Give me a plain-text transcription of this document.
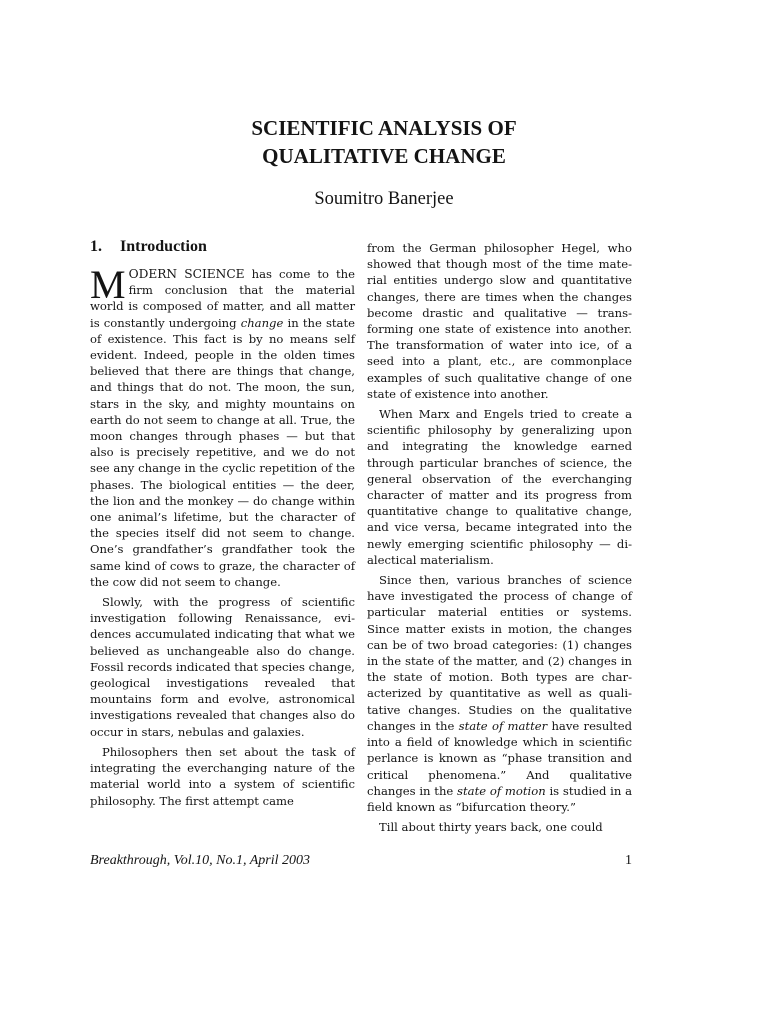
SCIENTIFIC ANALYSIS OF
QUALITATIVE CHANGE
Soumitro Banerjee
1. Introduction

MODERN SCIENCE has come to the firm conclusion that the material world is composed of matter, and all matter is constantly undergoing change in the state of existence. This fact is by no means self evident. Indeed, people in the olden times believed that there are things that change, and things that do not. The moon, the sun, stars in the sky, and mighty mountains on earth do not seem to change at all. True, the moon changes through phases — but that also is precisely repetitive, and we do not see any change in the cyclic repetition of the phases. The biological entities — the deer, the lion and the monkey — do change within one animal’s lifetime, but the character of the species itself did not seem to change. One’s grandfather’s grandfather took the same kind of cows to graze, the character of the cow did not seem to change.

Slowly, with the progress of scientific investigation following Renaissance, evidences accumulated indicating that what we believed as unchangeable also do change. Fossil records indicated that species change, geological investigations revealed that mountains form and evolve, astronomical investigations revealed that changes also do occur in stars, nebulas and galaxies.

Philosophers then set about the task of integrating the everchanging nature of the material world into a system of scientific philosophy. The first attempt came

from the German philosopher Hegel, who showed that though most of the time material entities undergo slow and quantitative changes, there are times when the changes become drastic and qualitative — transforming one state of existence into another. The transformation of water into ice, of a seed into a plant, etc., are commonplace examples of such qualitative change of one state of existence into another.

When Marx and Engels tried to create a scientific philosophy by generalizing upon and integrating the knowledge earned through particular branches of science, the general observation of the everchanging character of matter and its progress from quantitative change to qualitative change, and vice versa, became integrated into the newly emerging scientific philosophy — dialectical materialism.

Since then, various branches of science have investigated the process of change of particular material entities or systems. Since matter exists in motion, the changes can be of two broad categories: (1) changes in the state of the matter, and (2) changes in the state of motion. Both types are characterized by quantitative as well as qualitative changes. Studies on the qualitative changes in the state of matter have resulted into a field of knowledge which in scientific perlance is known as “phase transition and critical phenomena.” And qualitative changes in the state of motion is studied in a field known as “bifurcation theory.”

Till about thirty years back, one could

Breakthrough, Vol.10, No.1, April 2003	1
